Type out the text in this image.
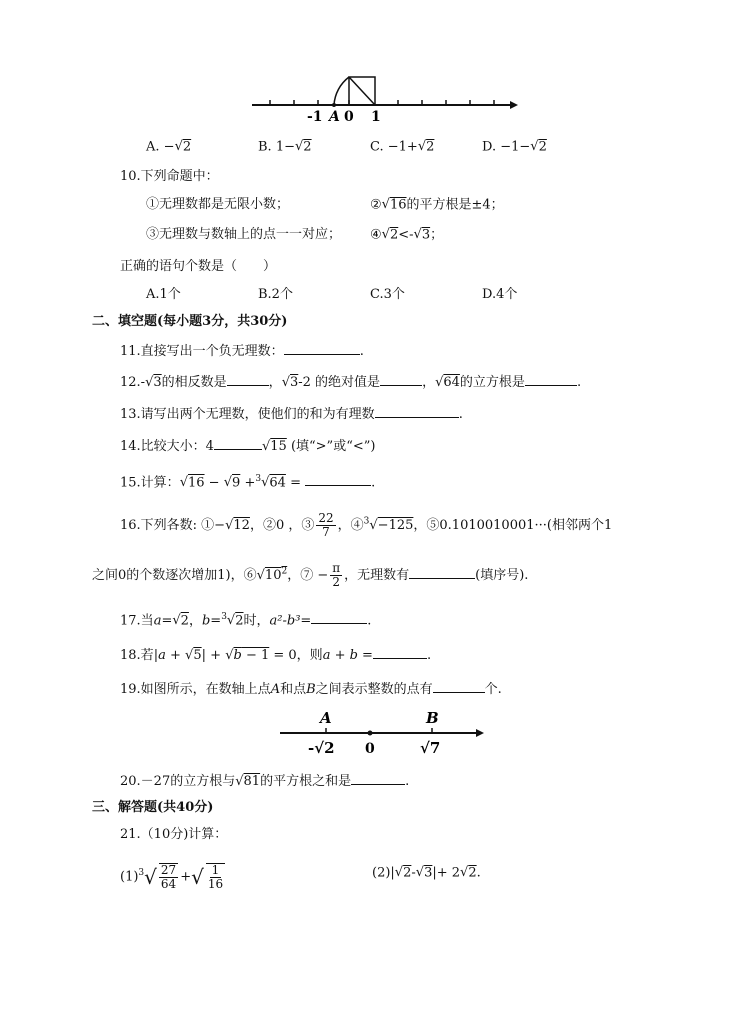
-1 A 0 1
A. −√2	B. 1−√2	C. −1+√2	D. −1−√2
10.下列命题中：
①无理数都是无限小数；	②√16的平方根是±4；
③无理数与数轴上的点一一对应； ④√2<-√3；
正确的语句个数是（　　）
A.1个	B.2个	C.3个	D.4个
二、填空题(每小题3分，共30分)
11.直接写出一个负无理数：	.
12.-√3的相反数是	，√3-2 的绝对值是	，√64的立方根是	.
13.请写出两个无理数，使他们的和为有理数	.
14.比较大小：4	√15 (填“>”或“<”)
15.计算：√16 − √9 +$^3$√64 =	.
16.下列各数: ①−√12，②0 ，③ $\frac{22}{7}$ ，④$^3$√−125，⑤0.1010010001···(相邻两个1
之间0的个数逐次增加1)，$⑥√10^2$，⑦ − $\frac{\pi}{2}$ ，无理数有	(填序号).
17.当a=√2，b=$^3$√2时，a²-b³=	.
18.若|a + √5| + √b − 1 = 0，则a + b =	.
19.如图所示，在数轴上点A和点B之间表示整数的点有	个.
A	B
-√2 0	√7
20.－27的立方根与√81的平方根之和是	.
三、解答题(共40分)
21.（10分)计算：
$(1)^3√ \frac{27}{64}$ +√ $\frac{1}{16}$	(2)|√2-√3|+ 2√2.
